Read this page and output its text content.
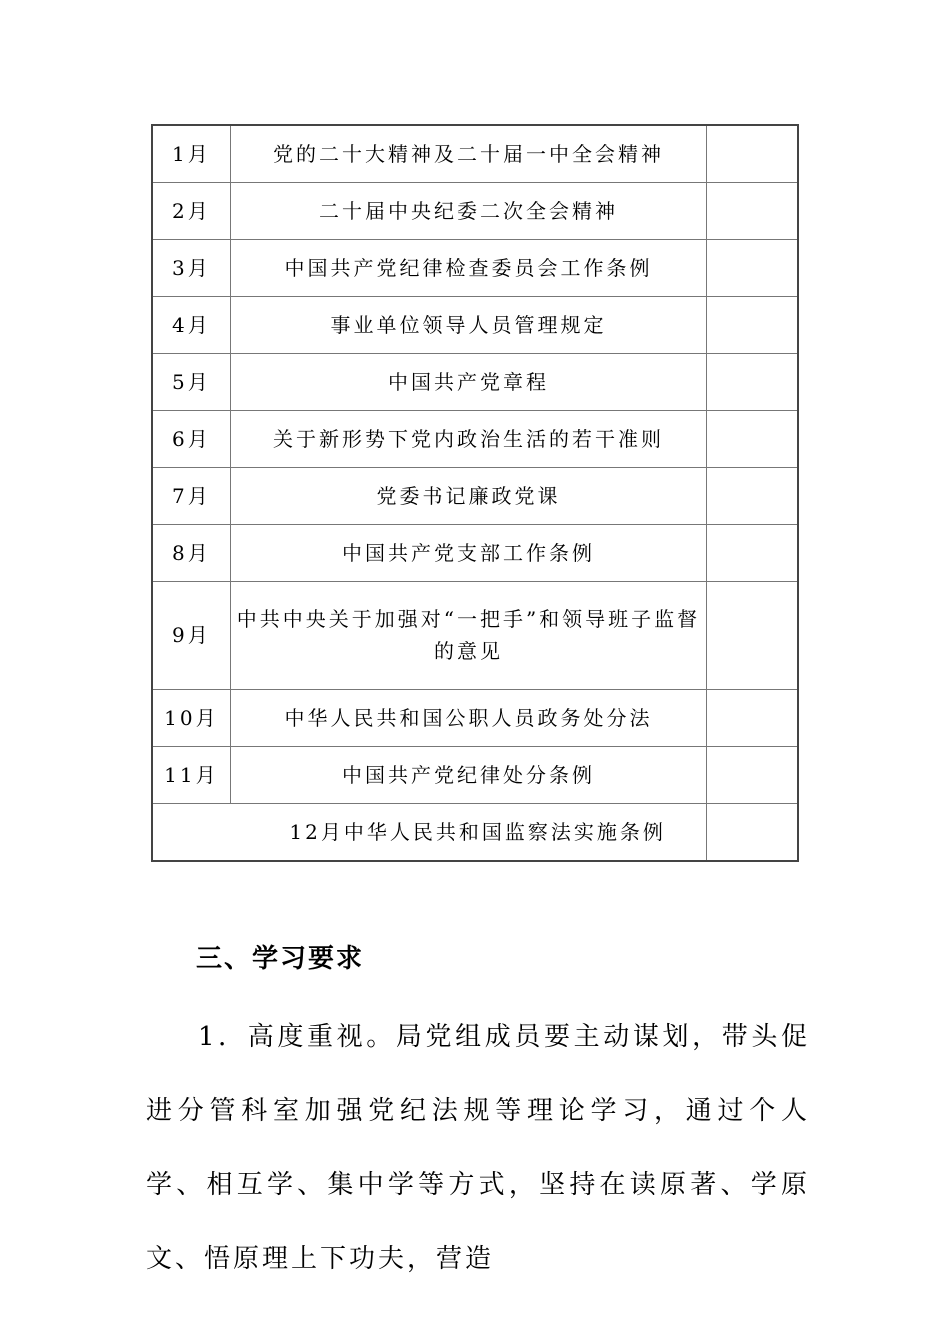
1月	党的二十大精神及二十届一中全会精神	
2月	二十届中央纪委二次全会精神	
3月	中国共产党纪律检查委员会工作条例	
4月	事业单位领导人员管理规定	
5月	中国共产党章程	
6月	关于新形势下党内政治生活的若干准则	
7月	党委书记廉政党课	
8月	中国共产党支部工作条例	
9月	中共中央关于加强对“一把手”和领导班子监督的意见	
10月	中华人民共和国公职人员政务处分法	
11月	中国共产党纪律处分条例	
12月中华人民共和国监察法实施条例		
三、学习要求

1．高度重视。局党组成员要主动谋划，带头促进分管科室加强党纪法规等理论学习，通过个人学、相互学、集中学等方式，坚持在读原著、学原文、悟原理上下功夫，营造
